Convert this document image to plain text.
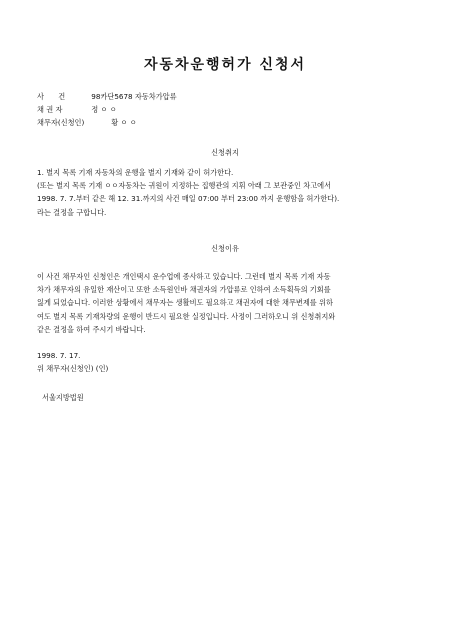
자동차운행허가 신청서
사 건	98카단5678 자동차가압류
채 권 자	정 ㅇ ㅇ
채무자(신청인)	황 ㅇ ㅇ
신청취지
1. 별지 목록 기재 자동차의 운행을 별지 기재와 같이 허가한다.
(또는 별지 목록 기재 ㅇㅇ자동차는 귀원이 지정하는 집행관의 지휘 아래 그 보관중인 차고에서
1998. 7. 7.부터 같은 해 12. 31.까지의 사건 매일 07:00 부터 23:00 까지 운행함을 허가한다).
라는 결정을 구합니다.
신청이유
이 사건 채무자인 신청인은 개인택시 운수업에 종사하고 있습니다. 그런데 별지 목록 기재 자동
차가 채무자의 유일한 재산이고 또한 소득원인바 채권자의 가압류로 인하여 소득획득의 기회를
잃게 되었습니다. 이러한 상황에서 채무자는 생활비도 필요하고 채권자에 대한 채무변제를 위하
여도 별지 목록 기재차량의 운행이 반드시 필요한 실정입니다. 사정이 그러하오니 위 신청취지와
같은 결정을 하여 주시기 바랍니다.
1998. 7. 17.
위 채무자(신청인) (인)
서울지방법원
